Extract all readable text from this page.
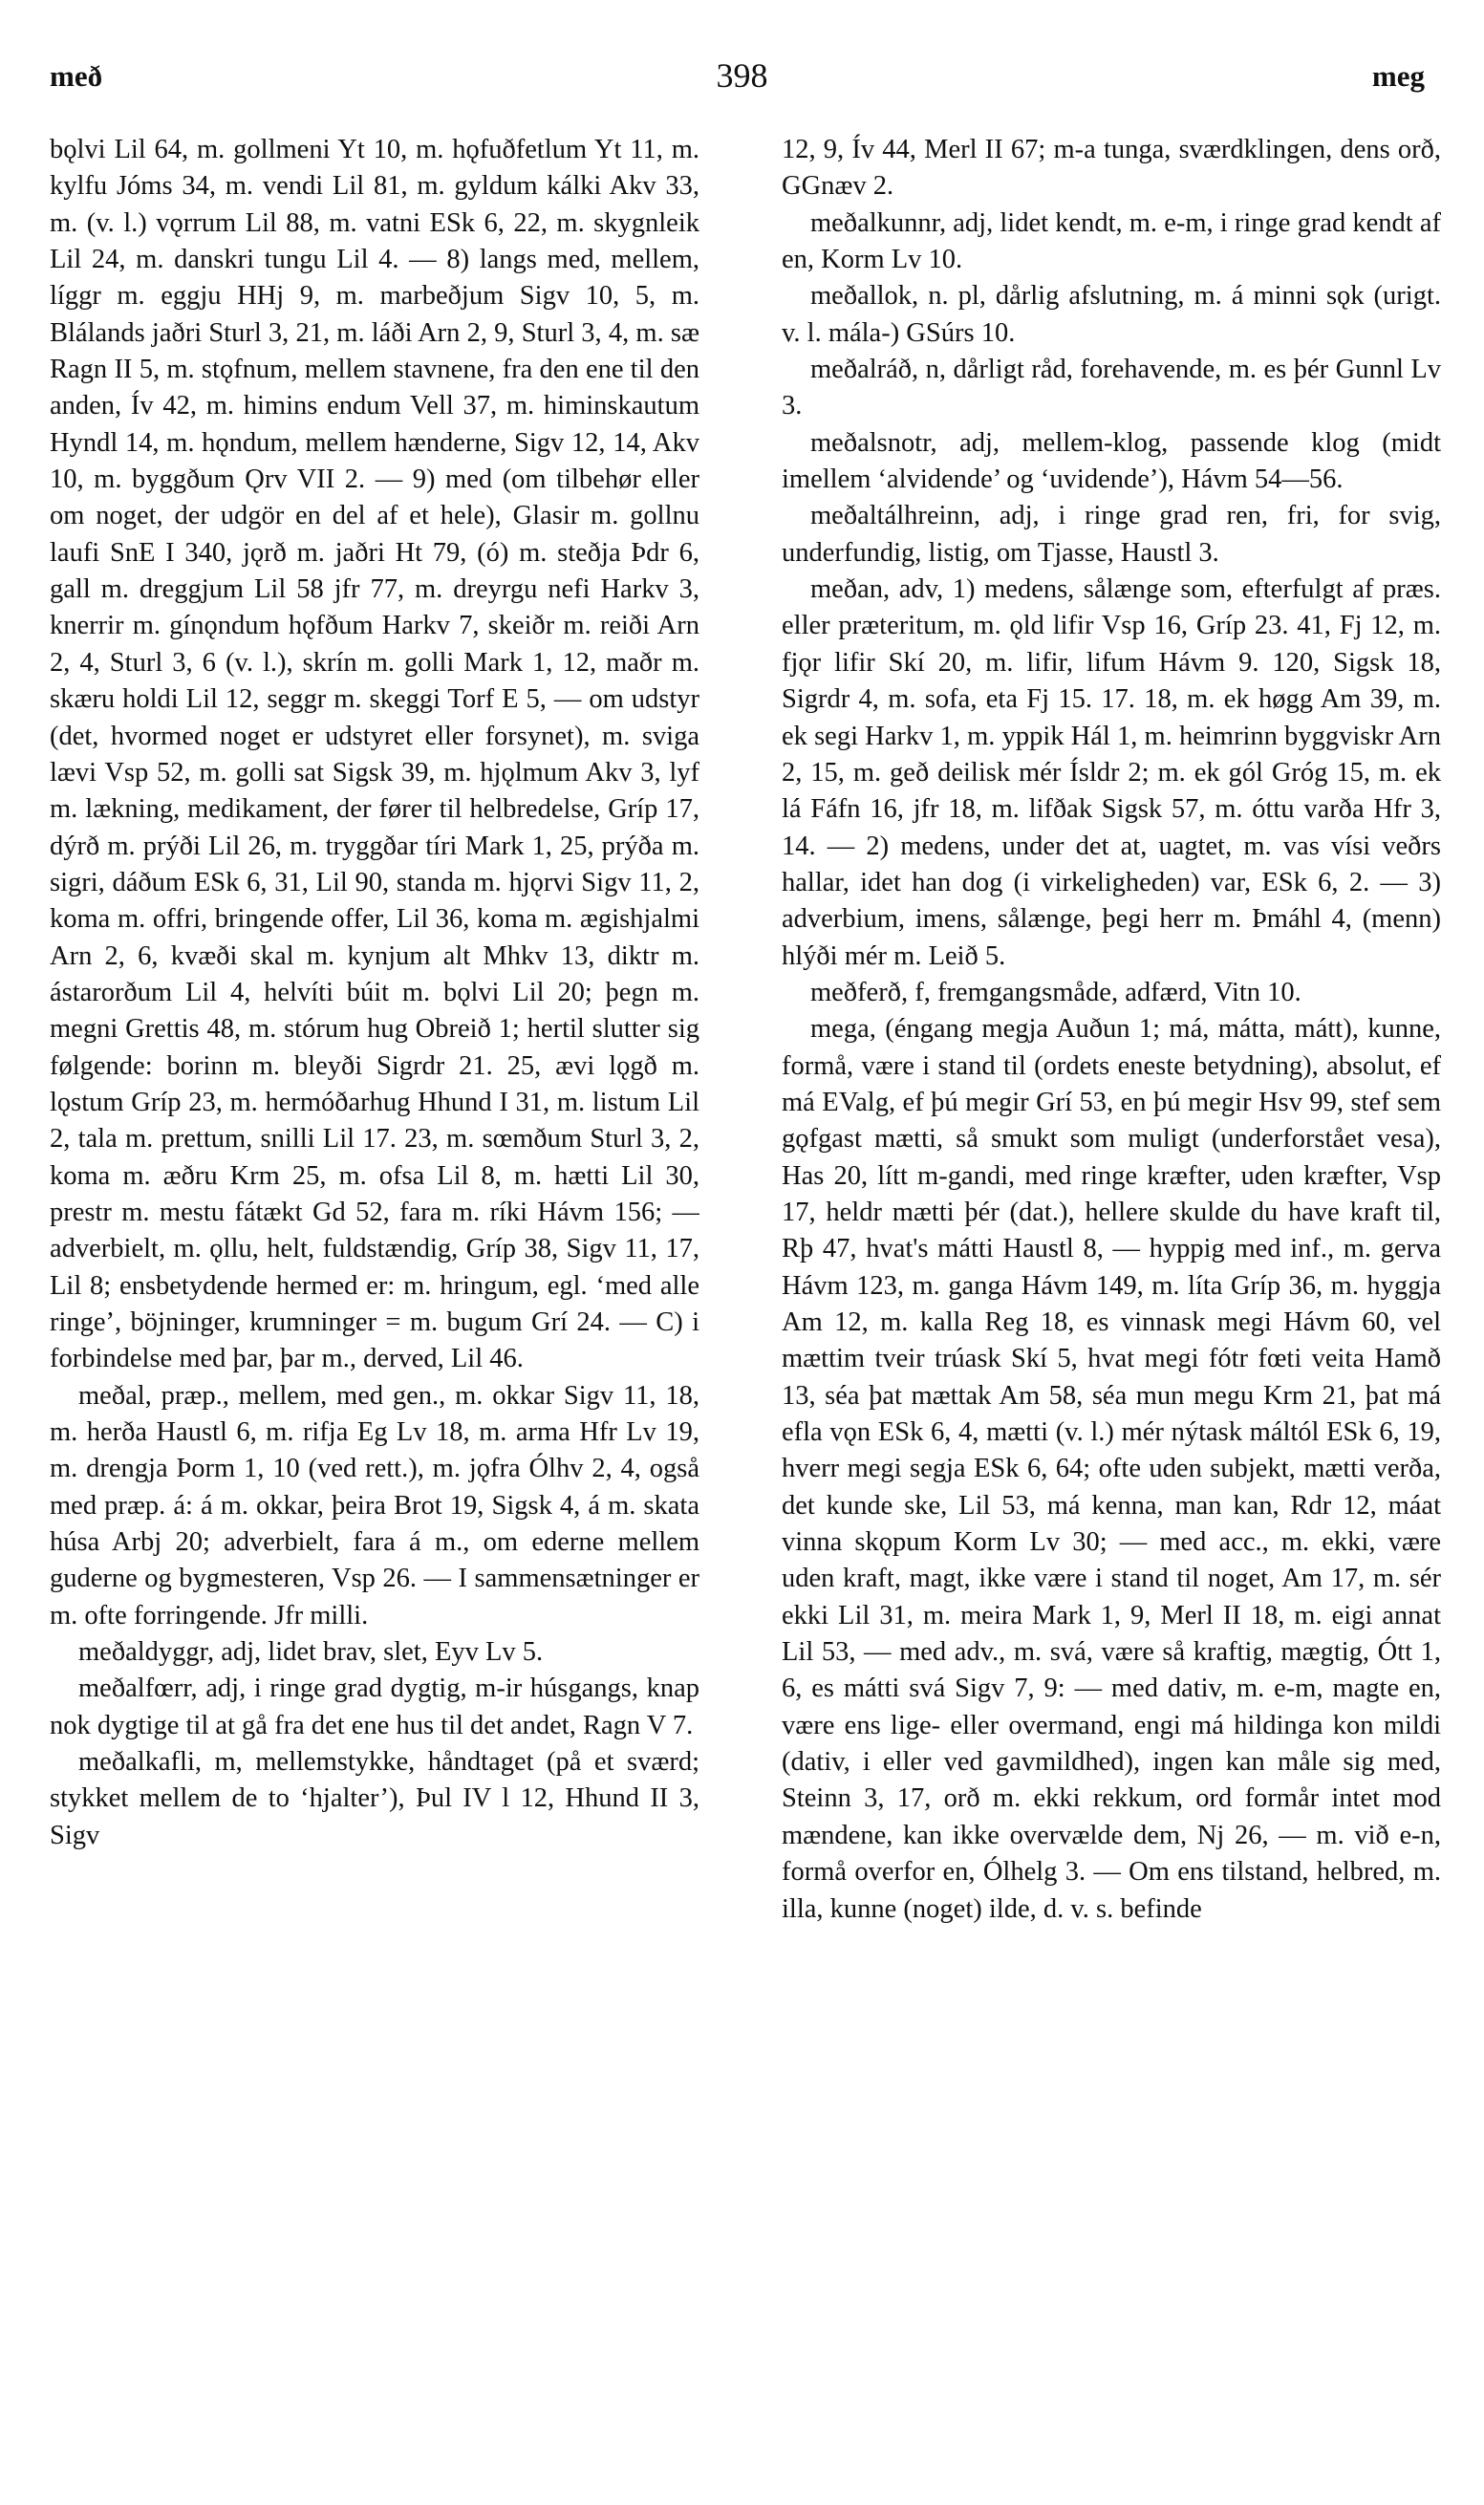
með	398	meg

bǫlvi Lil 64, m. gollmeni Yt 10, m. hǫfuðfetlum Yt 11, m. kylfu Jóms 34, m. vendi Lil 81, m. gyldum kálki Akv 33, m. (v. l.) vǫrrum Lil 88, m. vatni ESk 6, 22, m. skygnleik Lil 24, m. danskri tungu Lil 4. — 8) langs med, mellem, líggr m. eggju HHj 9, m. marbeðjum Sigv 10, 5, m. Blálands jaðri Sturl 3, 21, m. láði Arn 2, 9, Sturl 3, 4, m. sæ Ragn II 5, m. stǫfnum, mellem stavnene, fra den ene til den anden, Ív 42, m. himins endum Vell 37, m. himinskautum Hyndl 14, m. hǫndum, mellem hænderne, Sigv 12, 14, Akv 10, m. byggðum Ǫrv VII 2. — 9) med (om tilbehør eller om noget, der udgör en del af et hele), Glasir m. gollnu laufi SnE I 340, jǫrð m. jaðri Ht 79, (ó) m. steðja Þdr 6, gall m. dreggjum Lil 58 jfr 77, m. dreyrgu nefi Harkv 3, knerrir m. gínǫndum hǫfðum Harkv 7, skeiðr m. reiði Arn 2, 4, Sturl 3, 6 (v. l.), skrín m. golli Mark 1, 12, maðr m. skæru holdi Lil 12, seggr m. skeggi Torf E 5, — om udstyr (det, hvormed noget er udstyret eller forsynet), m. sviga lævi Vsp 52, m. golli sat Sigsk 39, m. hjǫlmum Akv 3, lyf m. lækning, medikament, der fører til helbredelse, Gríp 17, dýrð m. prýði Lil 26, m. tryggðar tíri Mark 1, 25, prýða m. sigri, dáðum ESk 6, 31, Lil 90, standa m. hjǫrvi Sigv 11, 2, koma m. offri, bringende offer, Lil 36, koma m. ægishjalmi Arn 2, 6, kvæði skal m. kynjum alt Mhkv 13, diktr m. ástarorðum Lil 4, helvíti búit m. bǫlvi Lil 20; þegn m. megni Grettis 48, m. stórum hug Obreið 1; hertil slutter sig følgende: borinn m. bleyði Sigrdr 21. 25, ævi lǫgð m. lǫstum Gríp 23, m. hermóðarhug Hhund I 31, m. listum Lil 2, tala m. prettum, snilli Lil 17. 23, m. sœmðum Sturl 3, 2, koma m. æðru Krm 25, m. ofsa Lil 8, m. hætti Lil 30, prestr m. mestu fátækt Gd 52, fara m. ríki Hávm 156; — adverbielt, m. ǫllu, helt, fuldstændig, Gríp 38, Sigv 11, 17, Lil 8; ensbetydende hermed er: m. hringum, egl. ‘med alle ringe’, böjninger, krumninger = m. bugum Grí 24. — C) i forbindelse med þar, þar m., derved, Lil 46.

meðal, præp., mellem, med gen., m. okkar Sigv 11, 18, m. herða Haustl 6, m. rifja Eg Lv 18, m. arma Hfr Lv 19, m. drengja Þorm 1, 10 (ved rett.), m. jǫfra Ólhv 2, 4, også med præp. á: á m. okkar, þeira Brot 19, Sigsk 4, á m. skata húsa Arbj 20; adverbielt, fara á m., om ederne mellem guderne og bygmesteren, Vsp 26. — I sammensætninger er m. ofte forringende. Jfr milli.

meðaldyggr, adj, lidet brav, slet, Eyv Lv 5.

meðalfœrr, adj, i ringe grad dygtig, m-ir húsgangs, knap nok dygtige til at gå fra det ene hus til det andet, Ragn V 7.

meðalkafli, m, mellemstykke, håndtaget (på et sværd; stykket mellem de to ‘hjalter’), Þul IV l 12, Hhund II 3, Sigv

12, 9, Ív 44, Merl II 67; m-a tunga, sværdklingen, dens orð, GGnæv 2.

meðalkunnr, adj, lidet kendt, m. e-m, i ringe grad kendt af en, Korm Lv 10.

meðallok, n. pl, dårlig afslutning, m. á minni sǫk (urigt. v. l. mála-) GSúrs 10.

meðalráð, n, dårligt råd, forehavende, m. es þér Gunnl Lv 3.

meðalsnotr, adj, mellem-klog, passende klog (midt imellem ‘alvidende’ og ‘uvidende’), Hávm 54—56.

meðaltálhreinn, adj, i ringe grad ren, fri, for svig, underfundig, listig, om Tjasse, Haustl 3.

meðan, adv, 1) medens, sålænge som, efterfulgt af præs. eller præteritum, m. ǫld lifir Vsp 16, Gríp 23. 41, Fj 12, m. fjǫr lifir Skí 20, m. lifir, lifum Hávm 9. 120, Sigsk 18, Sigrdr 4, m. sofa, eta Fj 15. 17. 18, m. ek høgg Am 39, m. ek segi Harkv 1, m. yppik Hál 1, m. heimrinn byggviskr Arn 2, 15, m. geð deilisk mér Ísldr 2; m. ek gól Gróg 15, m. ek lá Fáfn 16, jfr 18, m. lifðak Sigsk 57, m. óttu varða Hfr 3, 14. — 2) medens, under det at, uagtet, m. vas vísi veðrs hallar, idet han dog (i virkeligheden) var, ESk 6, 2. — 3) adverbium, imens, sålænge, þegi herr m. Þmáhl 4, (menn) hlýði mér m. Leið 5.

meðferð, f, fremgangsmåde, adfærd, Vitn 10.

mega, (éngang megja Auðun 1; má, mátta, mátt), kunne, formå, være i stand til (ordets eneste betydning), absolut, ef má EValg, ef þú megir Grí 53, en þú megir Hsv 99, stef sem gǫfgast mætti, så smukt som muligt (underforstået vesa), Has 20, lítt m-gandi, med ringe kræfter, uden kræfter, Vsp 17, heldr mætti þér (dat.), hellere skulde du have kraft til, Rþ 47, hvat's mátti Haustl 8, — hyppig med inf., m. gerva Hávm 123, m. ganga Hávm 149, m. líta Gríp 36, m. hyggja Am 12, m. kalla Reg 18, es vinnask megi Hávm 60, vel mættim tveir trúask Skí 5, hvat megi fótr fœti veita Hamð 13, séa þat mættak Am 58, séa mun megu Krm 21, þat má efla vǫn ESk 6, 4, mætti (v. l.) mér nýtask máltól ESk 6, 19, hverr megi segja ESk 6, 64; ofte uden subjekt, mætti verða, det kunde ske, Lil 53, má kenna, man kan, Rdr 12, máat vinna skǫpum Korm Lv 30; — med acc., m. ekki, være uden kraft, magt, ikke være i stand til noget, Am 17, m. sér ekki Lil 31, m. meira Mark 1, 9, Merl II 18, m. eigi annat Lil 53, — med adv., m. svá, være så kraftig, mægtig, Ótt 1, 6, es mátti svá Sigv 7, 9: — med dativ, m. e-m, magte en, være ens lige- eller overmand, engi má hildinga kon mildi (dativ, i eller ved gavmildhed), ingen kan måle sig med, Steinn 3, 17, orð m. ekki rekkum, ord formår intet mod mændene, kan ikke overvælde dem, Nj 26, — m. við e-n, formå overfor en, Ólhelg 3. — Om ens tilstand, helbred, m. illa, kunne (noget) ilde, d. v. s. befinde
